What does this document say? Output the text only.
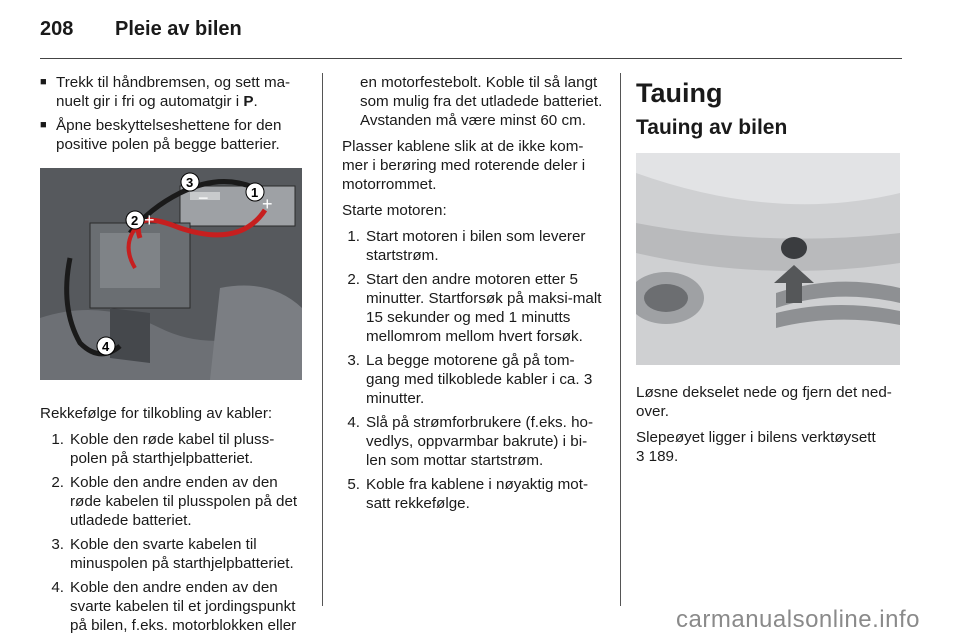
208 Pleie av bilen
■ Trekk til håndbremsen, og sett ma-nuelt gir i fri og automatgir i P.
■ Åpne beskyttelseshettene for den positive polen på begge batterier.
1
2
3
4
+
+
−

Rekkefølge for tilkobling av kabler:

1. Koble den røde kabel til pluss-polen på starthjelpbatteriet.
2. Koble den andre enden av den røde kabelen til plusspolen på det utladede batteriet.
3. Koble den svarte kabelen til minuspolen på starthjelpbatteriet.
4. Koble den andre enden av den svarte kabelen til et jordingspunkt på bilen, f.eks. motorblokken eller

en motorfestebolt. Koble til så langt som mulig fra det utladede batteriet. Avstanden må være minst 60 cm.

Plasser kablene slik at de ikke kom-mer i berøring med roterende deler i motorrommet.

Starte motoren:

1. Start motoren i bilen som leverer startstrøm.
2. Start den andre motoren etter 5 minutter. Startforsøk på maksi-malt 15 sekunder og med 1 minutts mellomrom mellom hvert forsøk.
3. La begge motorene gå på tom-gang med tilkoblede kabler i ca. 3 minutter.
4. Slå på strømforbrukere (f.eks. ho-vedlys, oppvarmbar bakrute) i bi-len som mottar startstrøm.
5. Koble fra kablene i nøyaktig mot-satt rekkefølge.
Tauing
Tauing av bilen

Løsne dekselet nede og fjern det ned-over.

Slepeøyet ligger i bilens verktøysett
3 189.

carmanualsonline.info
